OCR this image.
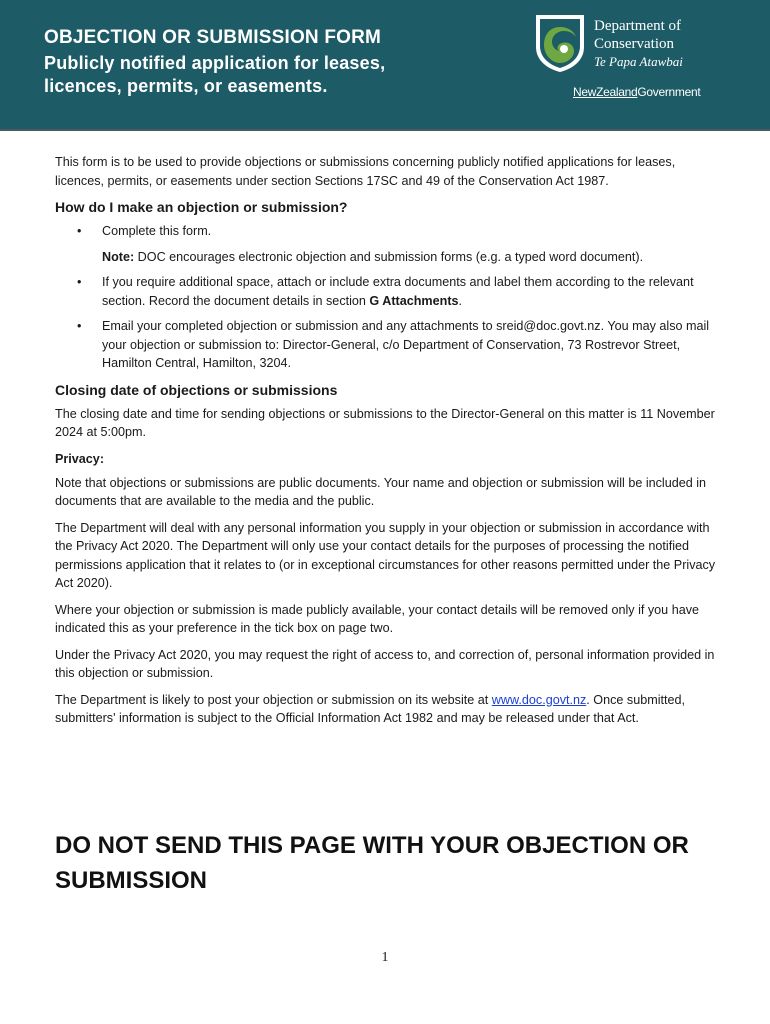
OBJECTION OR SUBMISSION FORM

Publicly notified application for leases, licences, permits, or easements.

Department of
Conservation
Te Papa Atawbai
NewZealandGovernment

This form is to be used to provide objections or submissions concerning publicly notified applications for leases, licences, permits, or easements under section Sections 17SC and 49 of the Conservation Act 1987.

How do I make an objection or submission?
• Complete this form.
Note: DOC encourages electronic objection and submission forms (e.g. a typed word document).
• If you require additional space, attach or include extra documents and label them according to the relevant section. Record the document details in section G Attachments.
• Email your completed objection or submission and any attachments to sreid@doc.govt.nz. You may also mail your objection or submission to: Director-General, c/o Department of Conservation, 73 Rostrevor Street, Hamilton Central, Hamilton, 3204.
Closing date of objections or submissions

The closing date and time for sending objections or submissions to the Director-General on this matter is 11 November 2024 at 5:00pm.

Privacy:

Note that objections or submissions are public documents. Your name and objection or submission will be included in documents that are available to the media and the public.

The Department will deal with any personal information you supply in your objection or submission in accordance with the Privacy Act 2020. The Department will only use your contact details for the purposes of processing the notified permissions application that it relates to (or in exceptional circumstances for other reasons permitted under the Privacy Act 2020).

Where your objection or submission is made publicly available, your contact details will be removed only if you have indicated this as your preference in the tick box on page two.

Under the Privacy Act 2020, you may request the right of access to, and correction of, personal information provided in this objection or submission.

The Department is likely to post your objection or submission on its website at www.doc.govt.nz. Once submitted, submitters' information is subject to the Official Information Act 1982 and may be released under that Act.

DO NOT SEND THIS PAGE WITH YOUR OBJECTION OR SUBMISSION
1
